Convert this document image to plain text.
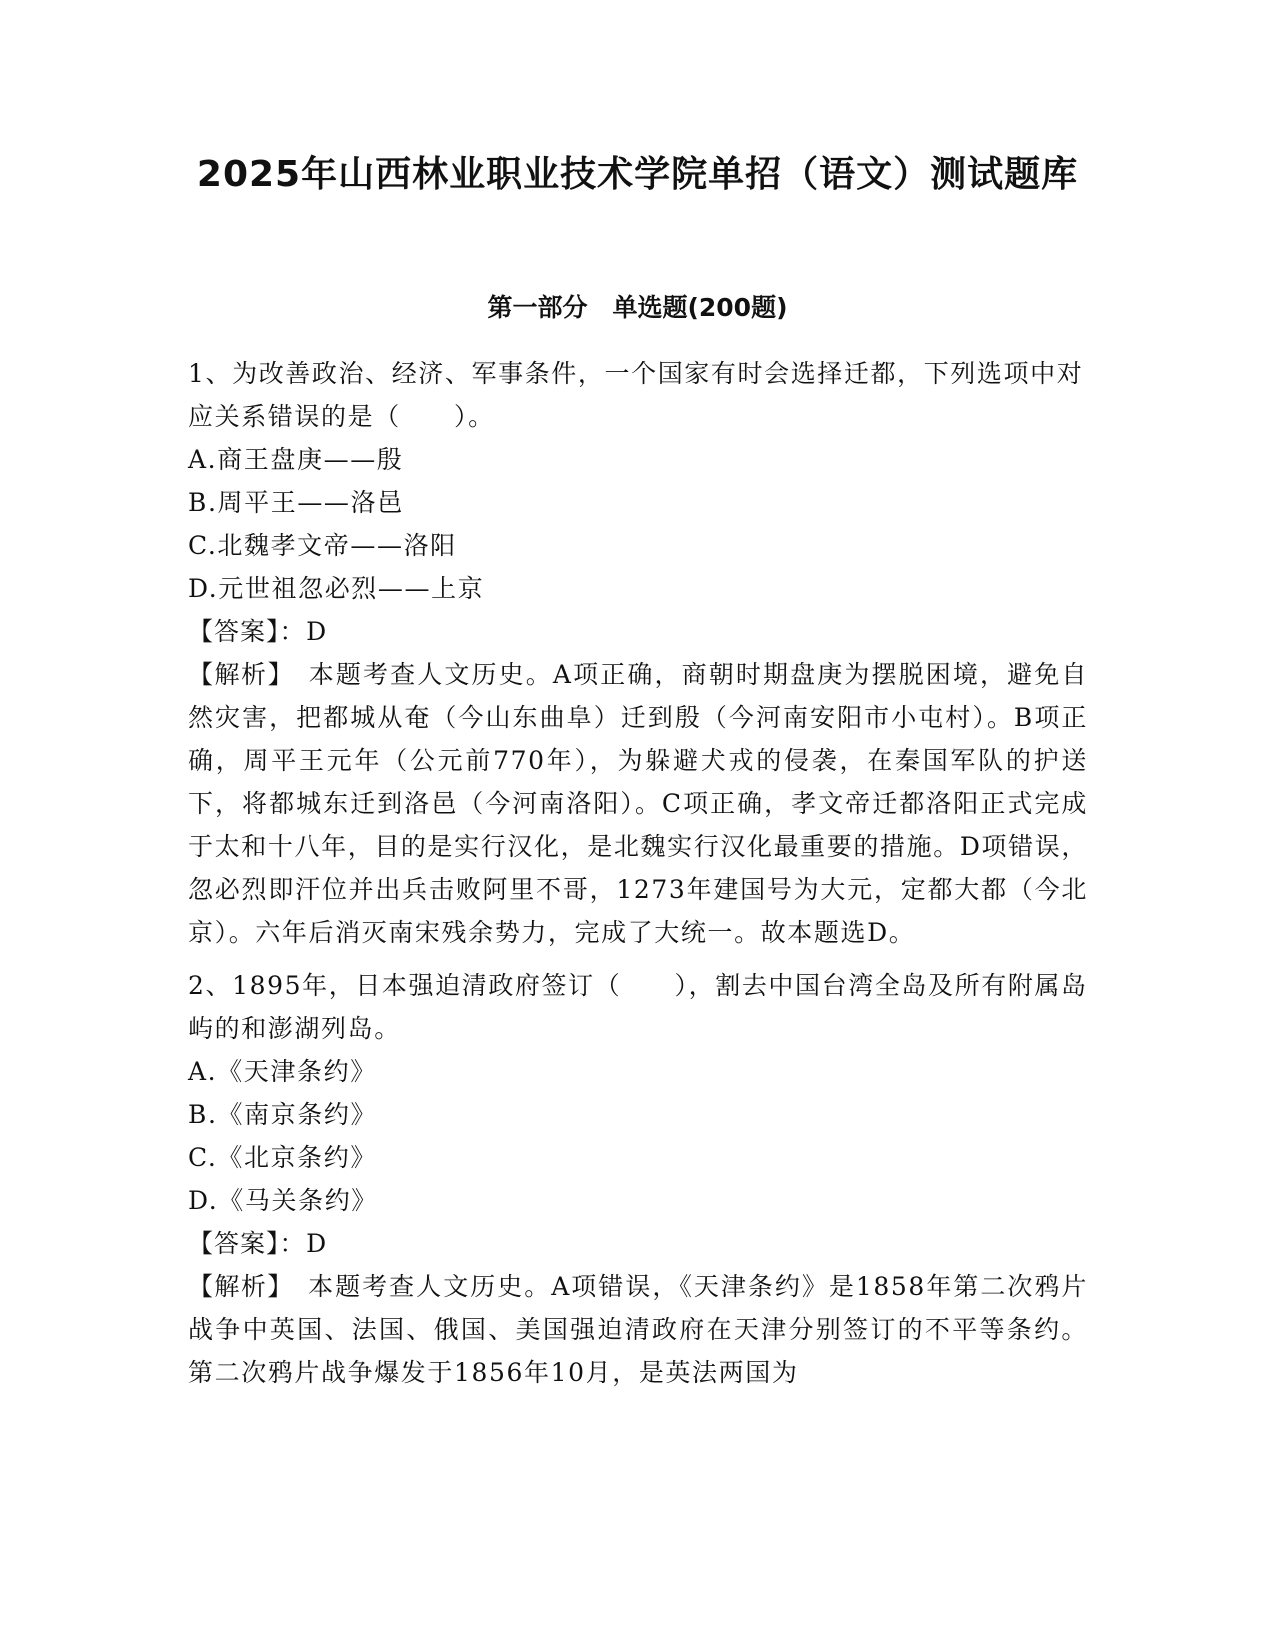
2025年山西林业职业技术学院单招（语文）测试题库
第一部分　单选题(200题)

1、为改善政治、经济、军事条件，一个国家有时会选择迁都，下列选项中对应关系错误的是（　　）。

A.商王盘庚——殷

B.周平王——洛邑

C.北魏孝文帝——洛阳

D.元世祖忽必烈——上京

【答案】：D

【解析】　本题考查人文历史。A项正确，商朝时期盘庚为摆脱困境，避免自然灾害，把都城从奄（今山东曲阜）迁到殷（今河南安阳市小屯村）。B项正确，周平王元年（公元前770年），为躲避犬戎的侵袭，在秦国军队的护送下，将都城东迁到洛邑（今河南洛阳）。C项正确，孝文帝迁都洛阳正式完成于太和十八年，目的是实行汉化，是北魏实行汉化最重要的措施。D项错误，忽必烈即汗位并出兵击败阿里不哥，1273年建国号为大元，定都大都（今北京）。六年后消灭南宋残余势力，完成了大统一。故本题选D。

2、1895年，日本强迫清政府签订（　　），割去中国台湾全岛及所有附属岛屿的和澎湖列岛。

A.《天津条约》

B.《南京条约》

C.《北京条约》

D.《马关条约》

【答案】：D

【解析】　本题考查人文历史。A项错误，《天津条约》是1858年第二次鸦片战争中英国、法国、俄国、美国强迫清政府在天津分别签订的不平等条约。第二次鸦片战争爆发于1856年10月，是英法两国为
